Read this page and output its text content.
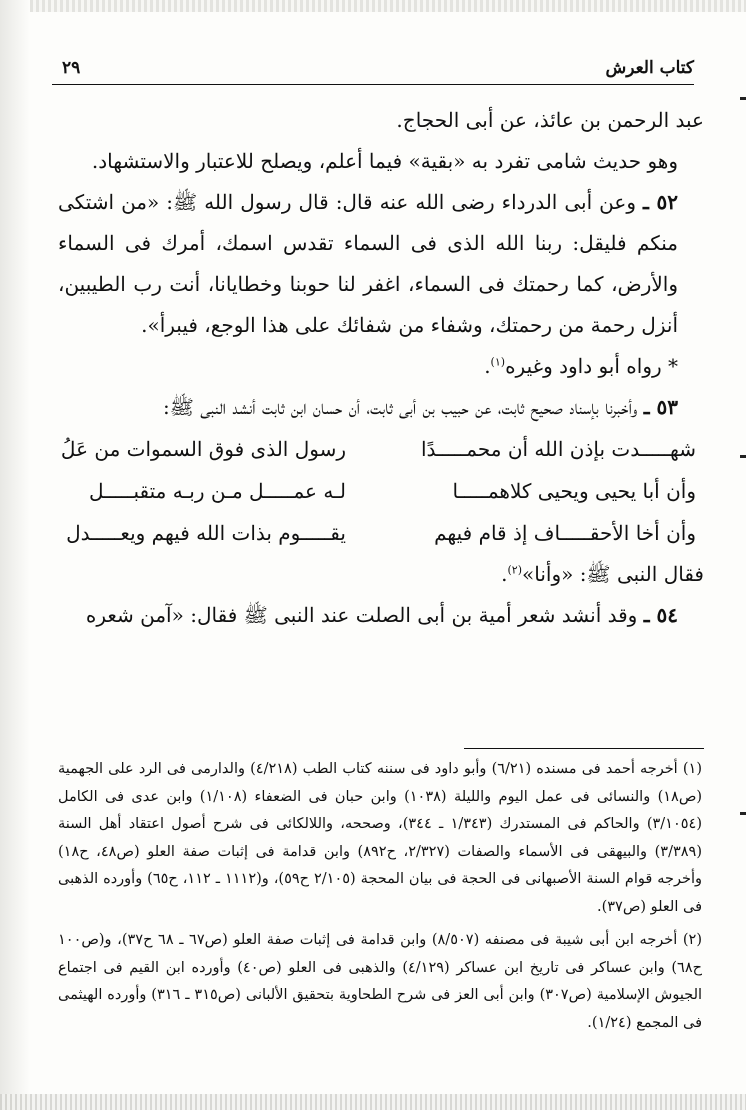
كتاب العرش
٢٩

عبد الرحمن بن عائذ، عن أبى الحجاج.

وهو حديث شامى تفرد به «بقية» فيما أعلم، ويصلح للاعتبار والاستشهاد.

٥٢ ـ وعن أبى الدرداء رضى الله عنه قال: قال رسول الله ﷺ: «من اشتكى منكم فليقل: ربنا الله الذى فى السماء تقدس اسمك، أمرك فى السماء والأرض، كما رحمتك فى السماء، اغفر لنا حوبنا وخطايانا، أنت رب الطيبين، أنزل رحمة من رحمتك، وشفاء من شفائك على هذا الوجع، فيبرأ».

* رواه أبو داود وغيره$^{(١)}$.

٥٣ ـ وأخبرنا بإسناد صحيح ثابت، عن حبيب بن أبى ثابت، أن حسان ابن ثابت أنشد النبى ﷺ:

شهـــــدت بإذن الله أن محمـــــدًا
رسول الذى فوق السموات من عَلُ
وأن أبا يحيى ويحيى كلاهمـــــا
لـه عمـــــل مـن ربـه متقبـــــل
وأن أخا الأحقـــــاف إذ قام فيهم
يقـــــوم بذات الله فيهم ويعـــــدل

فقال النبى ﷺ: «وأنا»$^{(٢)}$.

٥٤ ـ وقد أنشد شعر أمية بن أبى الصلت عند النبى ﷺ فقال: «آمن شعره

(١) أخرجه أحمد فى مسنده (٦/٢١) وأبو داود فى سننه كتاب الطب (٤/٢١٨) والدارمى فى الرد على الجهمية (ص١٨) والنسائى فى عمل اليوم والليلة (١٠٣٨) وابن حبان فى الضعفاء (١/١٠٨) وابن عدى فى الكامل (٣/١٠٥٤) والحاكم فى المستدرك (١/٣٤٣ ـ ٣٤٤)، وصححه، واللالكائى فى شرح أصول اعتقاد أهل السنة (٣/٣٨٩) والبيهقى فى الأسماء والصفات (٢/٣٢٧، ح٨٩٢) وابن قدامة فى إثبات صفة العلو (ص٤٨، ح١٨) وأخرجه قوام السنة الأصبهانى فى الحجة فى بيان المحجة (٢/١٠٥ ح٥٩)، و(١١١٢ ـ ١١٢، ح٦٥) وأورده الذهبى فى العلو (ص٣٧).

(٢) أخرجه ابن أبى شيبة فى مصنفه (٨/٥٠٧) وابن قدامة فى إثبات صفة العلو (ص٦٧ ـ ٦٨ ح٣٧)، و(ص١٠٠ ح٦٨) وابن عساكر فى تاريخ ابن عساكر (٤/١٢٩) والذهبى فى العلو (ص٤٠) وأورده ابن القيم فى اجتماع الجيوش الإسلامية (ص٣٠٧) وابن أبى العز فى شرح الطحاوية بتحقيق الألبانى (ص٣١٥ ـ ٣١٦) وأورده الهيثمى فى المجمع (١/٢٤).
